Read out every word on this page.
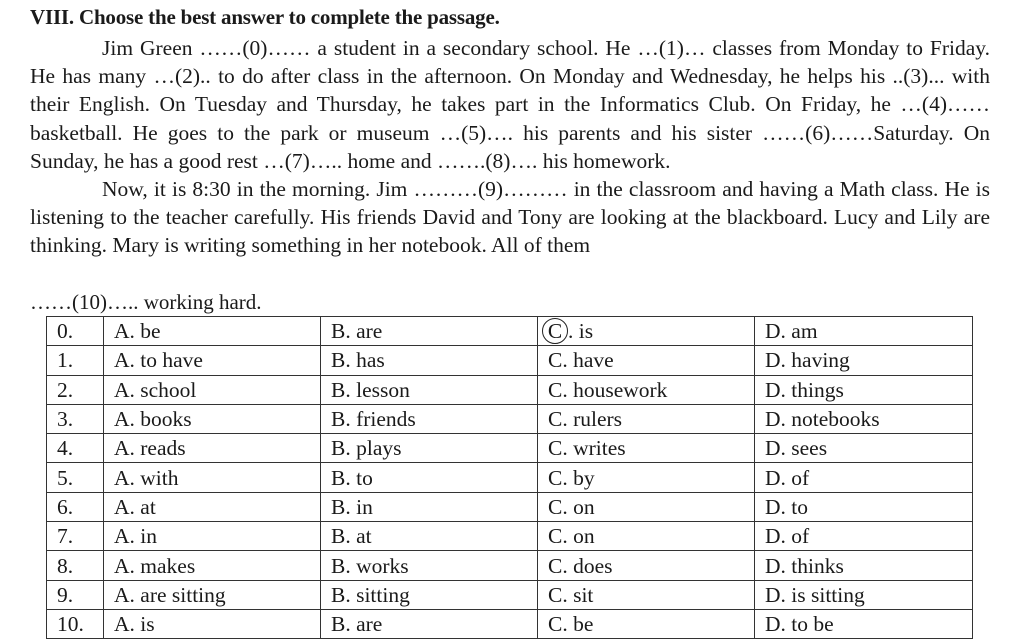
VIII. Choose the best answer to complete the passage.

Jim Green ……(0)…… a student in a secondary school. He …(1)… classes from Monday to Friday. He has many …(2).. to do after class in the afternoon. On Monday and Wednesday, he helps his ..(3)... with their English. On Tuesday and Thursday, he takes part in the Informatics Club. On Friday, he …(4)……basketball. He goes to the park or museum …(5)…. his parents and his sister ……(6)……Saturday. On Sunday, he has a good rest …(7)….. home and …….(8)…. his homework.

Now, it is 8:30 in the morning. Jim ………(9)……… in the classroom and having a Math class. He is listening to the teacher carefully. His friends David and Tony are looking at the blackboard. Lucy and Lily are thinking. Mary is writing something in her notebook. All of them

……(10)….. working hard.
0.	A. be	B. are	C . is	D. am
1.	A. to have	B. has	C. have	D. having
2.	A. school	B. lesson	C. housework	D. things
3.	A. books	B. friends	C. rulers	D. notebooks
4.	A. reads	B. plays	C. writes	D. sees
5.	A. with	B. to	C. by	D. of
6.	A. at	B. in	C. on	D. to
7.	A. in	B. at	C. on	D. of
8.	A. makes	B. works	C. does	D. thinks
9.	A. are sitting	B. sitting	C. sit	D. is sitting
10.	A. is	B. are	C. be	D. to be
